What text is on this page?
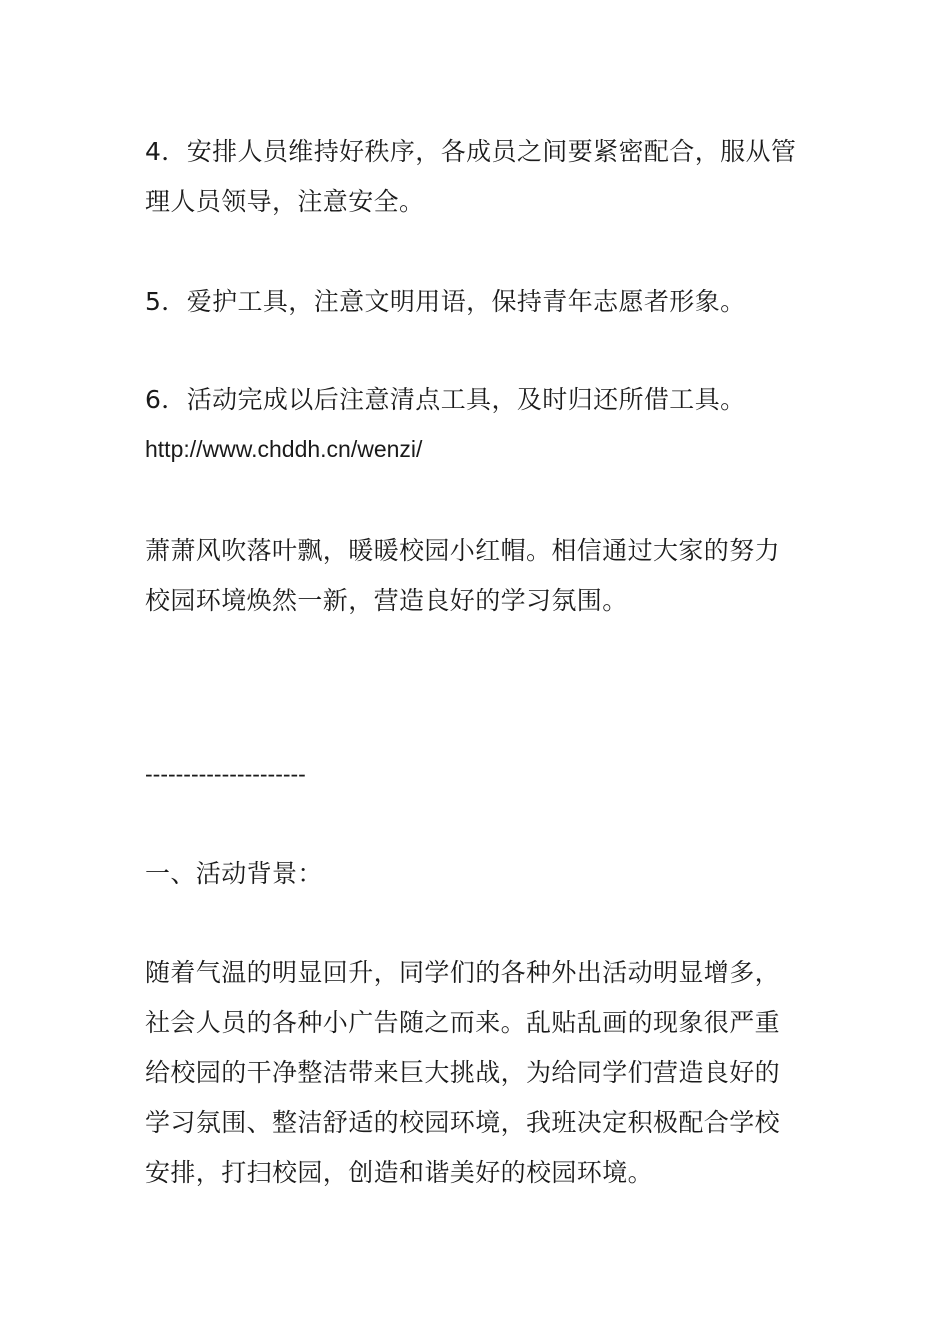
4．安排人员维持好秩序，各成员之间要紧密配合，服从管
理人员领导，注意安全。
5．爱护工具，注意文明用语，保持青年志愿者形象。
6．活动完成以后注意清点工具，及时归还所借工具。
http://www.chddh.cn/wenzi/
萧萧风吹落叶飘，暖暖校园小红帽。相信通过大家的努力
校园环境焕然一新，营造良好的学习氛围。
---------------------
一、活动背景：
随着气温的明显回升，同学们的各种外出活动明显增多，
社会人员的各种小广告随之而来。乱贴乱画的现象很严重
给校园的干净整洁带来巨大挑战，为给同学们营造良好的
学习氛围、整洁舒适的校园环境，我班决定积极配合学校
安排，打扫校园，创造和谐美好的校园环境。
